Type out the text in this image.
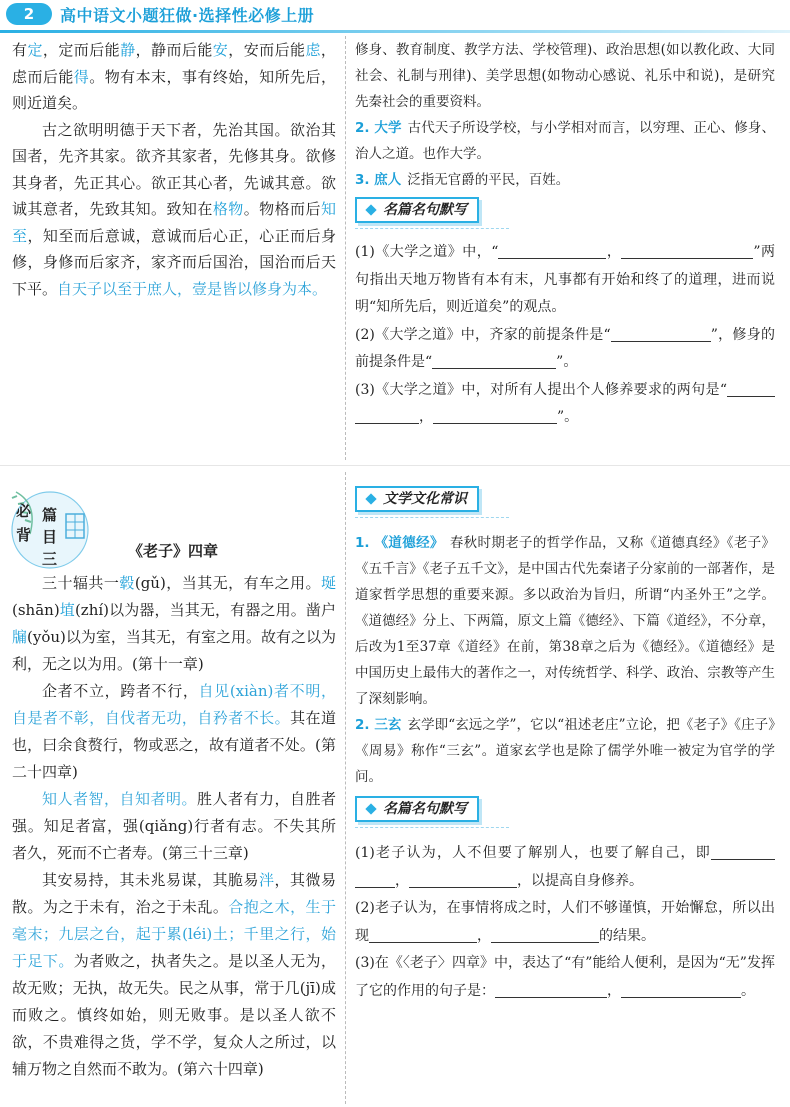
2	高中语文小题狂做·选择性必修上册

有定，定而后能静，静而后能安，安而后能虑，虑而后能得。物有本末，事有终始，知所先后，则近道矣。

古之欲明明德于天下者，先治其国。欲治其国者，先齐其家。欲齐其家者，先修其身。欲修其身者，先正其心。欲正其心者，先诚其意。欲诚其意者，先致其知。致知在格物。物格而后知至，知至而后意诚，意诚而后心正，心正而后身修，身修而后家齐，家齐而后国治，国治而后天下平。自天子以至于庶人，壹是皆以修身为本。

修身、教育制度、教学方法、学校管理)、政治思想(如以教化政、大同社会、礼制与刑律)、美学思想(如物动心感说、礼乐中和说)，是研究先秦社会的重要资料。
2. 大学 古代天子所设学校，与小学相对而言，以穷理、正心、修身、治人之道。也作大学。
3. 庶人 泛指无官爵的平民，百姓。
名篇名句默写
(1)《大学之道》中，“	，	”两句指出天地万物皆有本有末，凡事都有开始和终了的道理，进而说明“知所先后，则近道矣”的观点。
(2)《大学之道》中，齐家的前提条件是“	”，修身的前提条件是“	”。
(3)《大学之道》中，对所有人提出个人修养要求的两句是“，	”。
必
背
篇
目
三	《老子》四章

三十辐共一毂(gǔ)，当其无，有车之用。埏(shān)埴(zhí)以为器，当其无，有器之用。凿户牖(yǒu)以为室，当其无，有室之用。故有之以为利，无之以为用。(第十一章)

企者不立，跨者不行，自见(xiàn)者不明，自是者不彰，自伐者无功，自矜者不长。其在道也，曰余食赘行，物或恶之，故有道者不处。(第二十四章)

知人者智，自知者明。胜人者有力，自胜者强。知足者富，强(qiǎng)行者有志。不失其所者久，死而不亡者寿。(第三十三章)

其安易持，其未兆易谋，其脆易泮，其微易散。为之于未有，治之于未乱。合抱之木，生于毫末；九层之台，起于累(léi)土；千里之行，始于足下。为者败之，执者失之。是以圣人无为，故无败；无执，故无失。民之从事，常于几(jī)成而败之。慎终如始，则无败事。是以圣人欲不欲，不贵难得之货，学不学，复众人之所过，以辅万物之自然而不敢为。(第六十四章)

文学文化常识
1. 《道德经》 春秋时期老子的哲学作品，又称《道德真经》《老子》《五千言》《老子五千文》，是中国古代先秦诸子分家前的一部著作，是道家哲学思想的重要来源。多以政治为旨归，所谓“内圣外王”之学。《道德经》分上、下两篇，原文上篇《德经》、下篇《道经》，不分章，后改为1至37章《道经》在前，第38章之后为《德经》。《道德经》是中国历史上最伟大的著作之一，对传统哲学、科学、政治、宗教等产生了深刻影响。
2. 三玄 玄学即“玄远之学”，它以“祖述老庄”立论，把《老子》《庄子》《周易》称作“三玄”。道家玄学也是除了儒学外唯一被定为官学的学问。
名篇名句默写
(1)老子认为，人不但要了解别人，也要了解自己，即，	，以提高自身修养。
(2)老子认为，在事情将成之时，人们不够谨慎，开始懈怠，所以出现	，	的结果。
(3)在《〈老子〉四章》中，表达了“有”能给人便利，是因为“无”发挥了它的作用的句子是：	，	。
